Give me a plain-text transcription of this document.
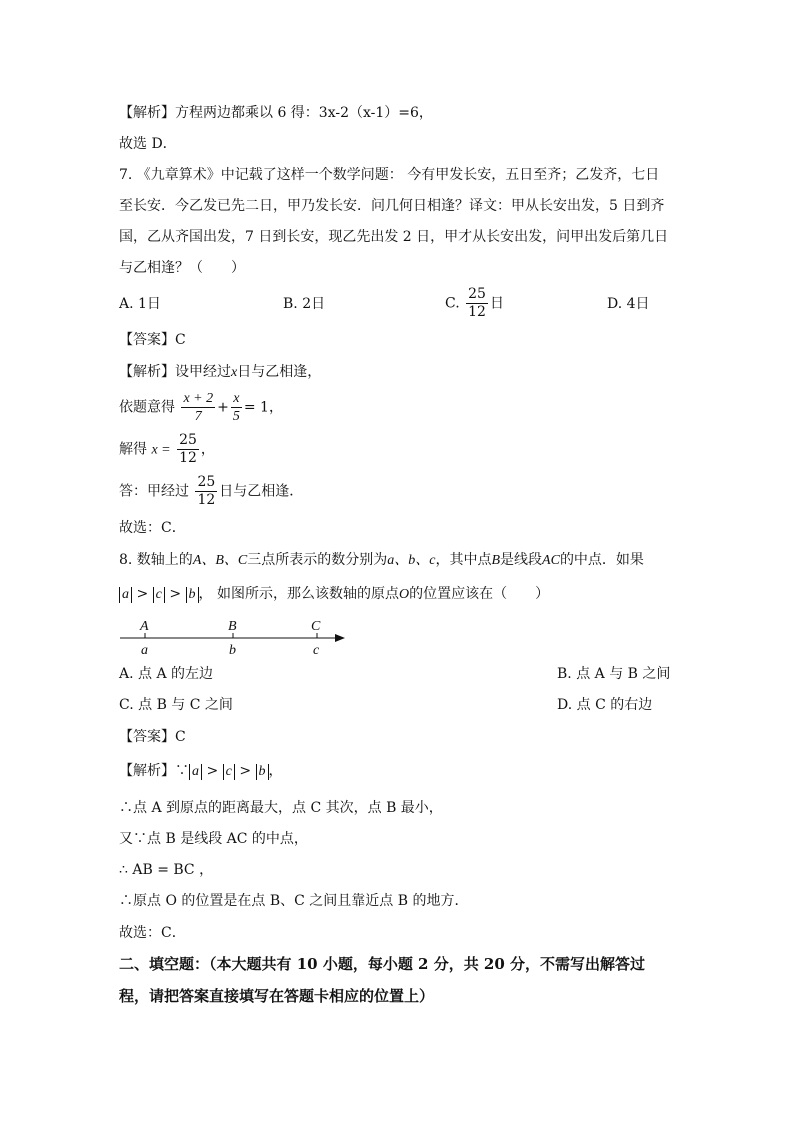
【解析】方程两边都乘以 6 得：3x-2（x-1）=6，
故选 D．
7. 《九章算术》中记载了这样一个数学问题： 今有甲发长安，五日至齐；乙发齐，七日
至长安．今乙发已先二日，甲乃发长安．问几何日相逢？译文：甲从长安出发，5 日到齐
国，乙从齐国出发，7 日到长安，现乙先出发 2 日，甲才从长安出发，问甲出发后第几日
与乙相逢？（　　）
A. 1日	B. 2日	C. $\frac{25}{12}$ 日	D. 4日
【答案】C
【解析】设甲经过x日与乙相逢，
依题意得 $\frac{x + 2}{7} + \frac{x}{5} = 1$，
解得 $x = \frac{25}{12}$ ，
答：甲经过 $\frac{25}{12}$ 日与乙相逢．
故选：C．
8. 数轴上的A、B、C三点所表示的数分别为a、b、c，其中点B是线段AC的中点．如果
a > c > b ， 如图所示，那么该数轴的原点O的位置应该在（　　）
A	B	C
a	b	c
A. 点 A 的左边	B. 点 A 与 B 之间
C. 点 B 与 C 之间	D. 点 C 的右边
【答案】C
【解析】∵ a > c > b ，
∴点 A 到原点的距离最大，点 C 其次，点 B 最小，
又∵点 B 是线段 AC 的中点，
∴ AB = BC ，
∴原点 O 的位置是在点 B、C 之间且靠近点 B 的地方．
故选：C．
二、填空题：（本大题共有 10 小题，每小题 2 分，共 20 分，不需写出解答过
程，请把答案直接填写在答题卡相应的位置上）
